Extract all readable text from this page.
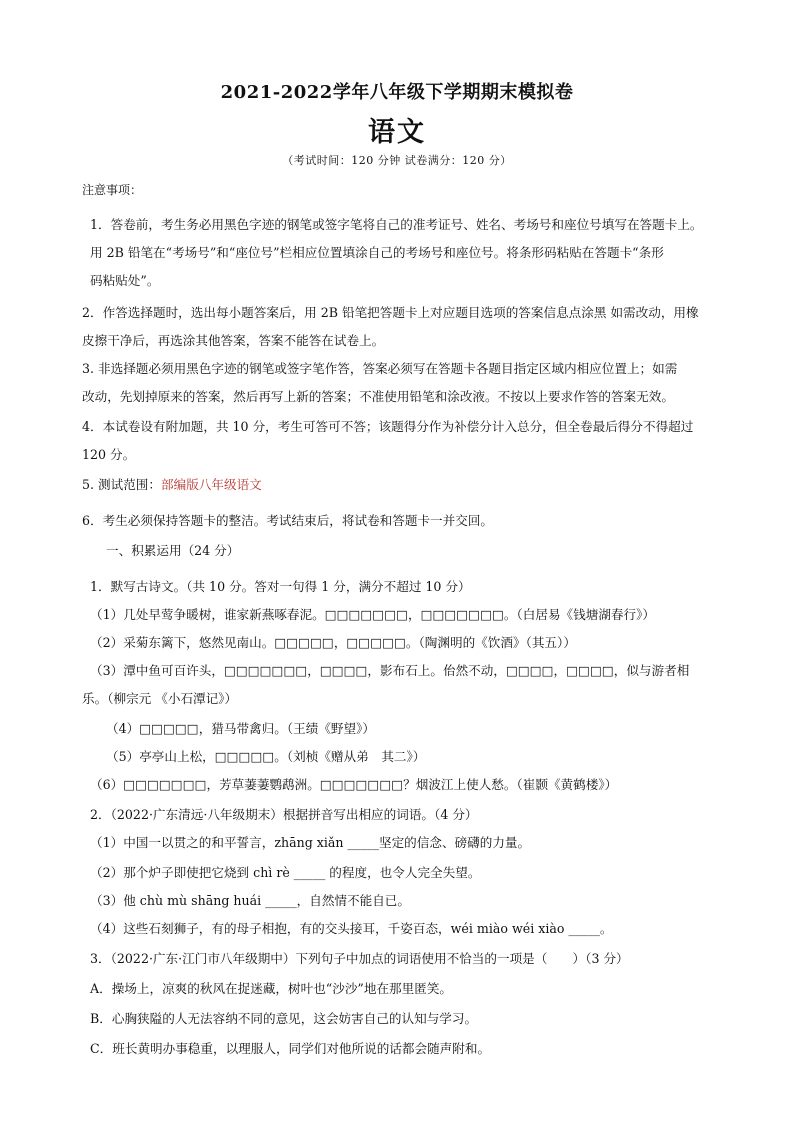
2021-2022学年八年级下学期期末模拟卷
语文
（考试时间：120 分钟 试卷满分：120 分）
注意事项：
1．答卷前，考生务必用黑色字迹的钢笔或签字笔将自己的准考证号、姓名、考场号和座位号填写在答题卡上。
用 2B 铅笔在“考场号”和“座位号”栏相应位置填涂自己的考场号和座位号。将条形码粘贴在答题卡“条形
码粘贴处”。
2．作答选择题时，选出每小题答案后，用 2B 铅笔把答题卡上对应题目选项的答案信息点涂黑 如需改动，用橡
皮擦干净后，再选涂其他答案，答案不能答在试卷上。
3. 非选择题必须用黑色字迹的钢笔或签字笔作答，答案必须写在答题卡各题目指定区域内相应位置上；如需
改动，先划掉原来的答案，然后再写上新的答案；不准使用铅笔和涂改液。不按以上要求作答的答案无效。
4．本试卷设有附加题，共 10 分，考生可答可不答；该题得分作为补偿分计入总分，但全卷最后得分不得超过
120 分。
5. 测试范围：部编版八年级语文
6．考生必须保持答题卡的整洁。考试结束后，将试卷和答题卡一并交回。
一、积累运用（24 分）
1．默写古诗文。（共 10 分。答对一句得 1 分，满分不超过 10 分）
（1）几处早莺争暖树，谁家新燕啄春泥。□□□□□□□，□□□□□□□。（白居易《钱塘湖春行》）
（2）采菊东篱下，悠然见南山。□□□□□，□□□□□。（陶渊明的《饮酒》（其五））
（3）潭中鱼可百许头，□□□□□□□，□□□□，影布石上。佁然不动，□□□□，□□□□，似与游者相
乐。（柳宗元 《小石潭记》）
（4）□□□□□，猎马带禽归。（王绩《野望》）
（5）亭亭山上松，□□□□□。（刘桢《赠从弟　其二》）
（6）□□□□□□□，芳草萋萋鹦鹉洲。□□□□□□□？烟波江上使人愁。（崔颢《黄鹤楼》）
2．（2022·广东清远·八年级期末）根据拼音写出相应的词语。（4 分）
（1）中国一以贯之的和平誓言，zhāng xiǎn _____坚定的信念、磅礴的力量。
（2）那个炉子即使把它烧到 chì rè _____ 的程度，也令人完全失望。
（3）他 chù mù shāng huái _____，自然情不能自已。
（4）这些石刻狮子，有的母子相抱，有的交头接耳，千姿百态，wéi miào wéi xiào _____。
3．（2022·广东·江门市八年级期中）下列句子中加点的词语使用不恰当的一项是（　　）（3 分）
A．操场上，凉爽的秋风在捉迷藏，树叶也“沙沙”地在那里匿笑。
B．心胸狭隘的人无法容纳不同的意见，这会妨害自己的认知与学习。
C．班长黄明办事稳重，以理服人，同学们对他所说的话都会随声附和。
